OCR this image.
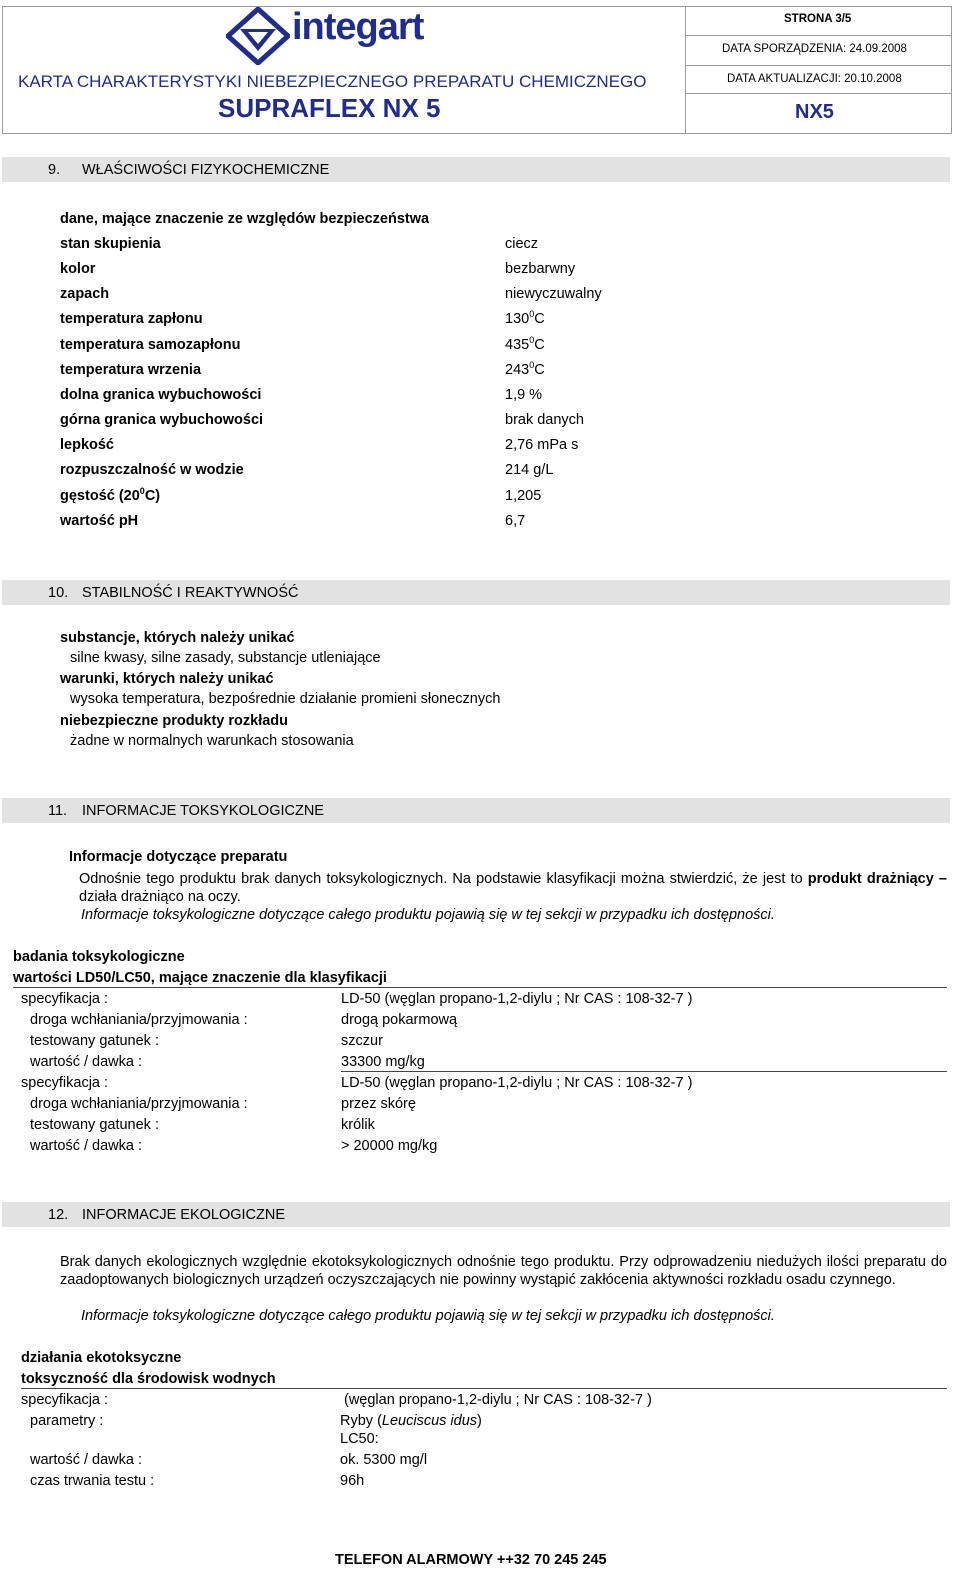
integart
KARTA CHARAKTERYSTYKI NIEBEZPIECZNEGO PREPARATU CHEMICZNEGO
SUPRAFLEX NX 5
STRONA 3/5
DATA SPORZĄDZENIA: 24.09.2008
DATA AKTUALIZACJI: 20.10.2008
NX5
9. WŁAŚCIWOŚCI FIZYKOCHEMICZNE
dane, mające znaczenie ze względów bezpieczeństwa
stan skupienia	ciecz
kolor	bezbarwny
zapach	niewyczuwalny
temperatura zapłonu	$130^0C$
temperatura samozapłonu	$435^0C$
temperatura wrzenia	$243^0C$
dolna granica wybuchowości	1,9 %
górna granica wybuchowości	brak danych
lepkość	2,76 mPa s
rozpuszczalność w wodzie	214 g/L
gęstość $(20^0C)$	1,205
wartość pH	6,7
10. STABILNOŚĆ I REAKTYWNOŚĆ
substancje, których należy unikać
silne kwasy, silne zasady, substancje utleniające
warunki, których należy unikać
wysoka temperatura, bezpośrednie działanie promieni słonecznych
niebezpieczne produkty rozkładu
żadne w normalnych warunkach stosowania
11. INFORMACJE TOKSYKOLOGICZNE
Informacje dotyczące preparatu
Odnośnie tego produktu brak danych toksykologicznych. Na podstawie klasyfikacji można stwierdzić, że jest to produkt drażniący – działa drażniąco na oczy.
Informacje toksykologiczne dotyczące całego produktu pojawią się w tej sekcji w przypadku ich dostępności.
badania toksykologiczne
wartości LD50/LC50, mające znaczenie dla klasyfikacji
specyfikacja :	LD-50 (węglan propano-1,2-diylu ; Nr CAS : 108-32-7 )
droga wchłaniania/przyjmowania :	drogą pokarmową
testowany gatunek :	szczur
wartość / dawka :	33300 mg/kg
specyfikacja :	LD-50 (węglan propano-1,2-diylu ; Nr CAS : 108-32-7 )
droga wchłaniania/przyjmowania :	przez skórę
testowany gatunek :	królik
wartość / dawka :	> 20000 mg/kg
12. INFORMACJE EKOLOGICZNE
Brak danych ekologicznych względnie ekotoksykologicznych odnośnie tego produktu. Przy odprowadzeniu niedużych ilości preparatu do zaadoptowanych biologicznych urządzeń oczyszczających nie powinny wystąpić zakłócenia aktywności rozkładu osadu czynnego.
Informacje toksykologiczne dotyczące całego produktu pojawią się w tej sekcji w przypadku ich dostępności.
działania ekotoksyczne
toksyczność dla środowisk wodnych
specyfikacja :	(węglan propano-1,2-diylu ; Nr CAS : 108-32-7 )
parametry :	Ryby (Leuciscus idus)
LC50:
wartość / dawka :	ok. 5300 mg/l
czas trwania testu :	96h
TELEFON ALARMOWY ++32 70 245 245
